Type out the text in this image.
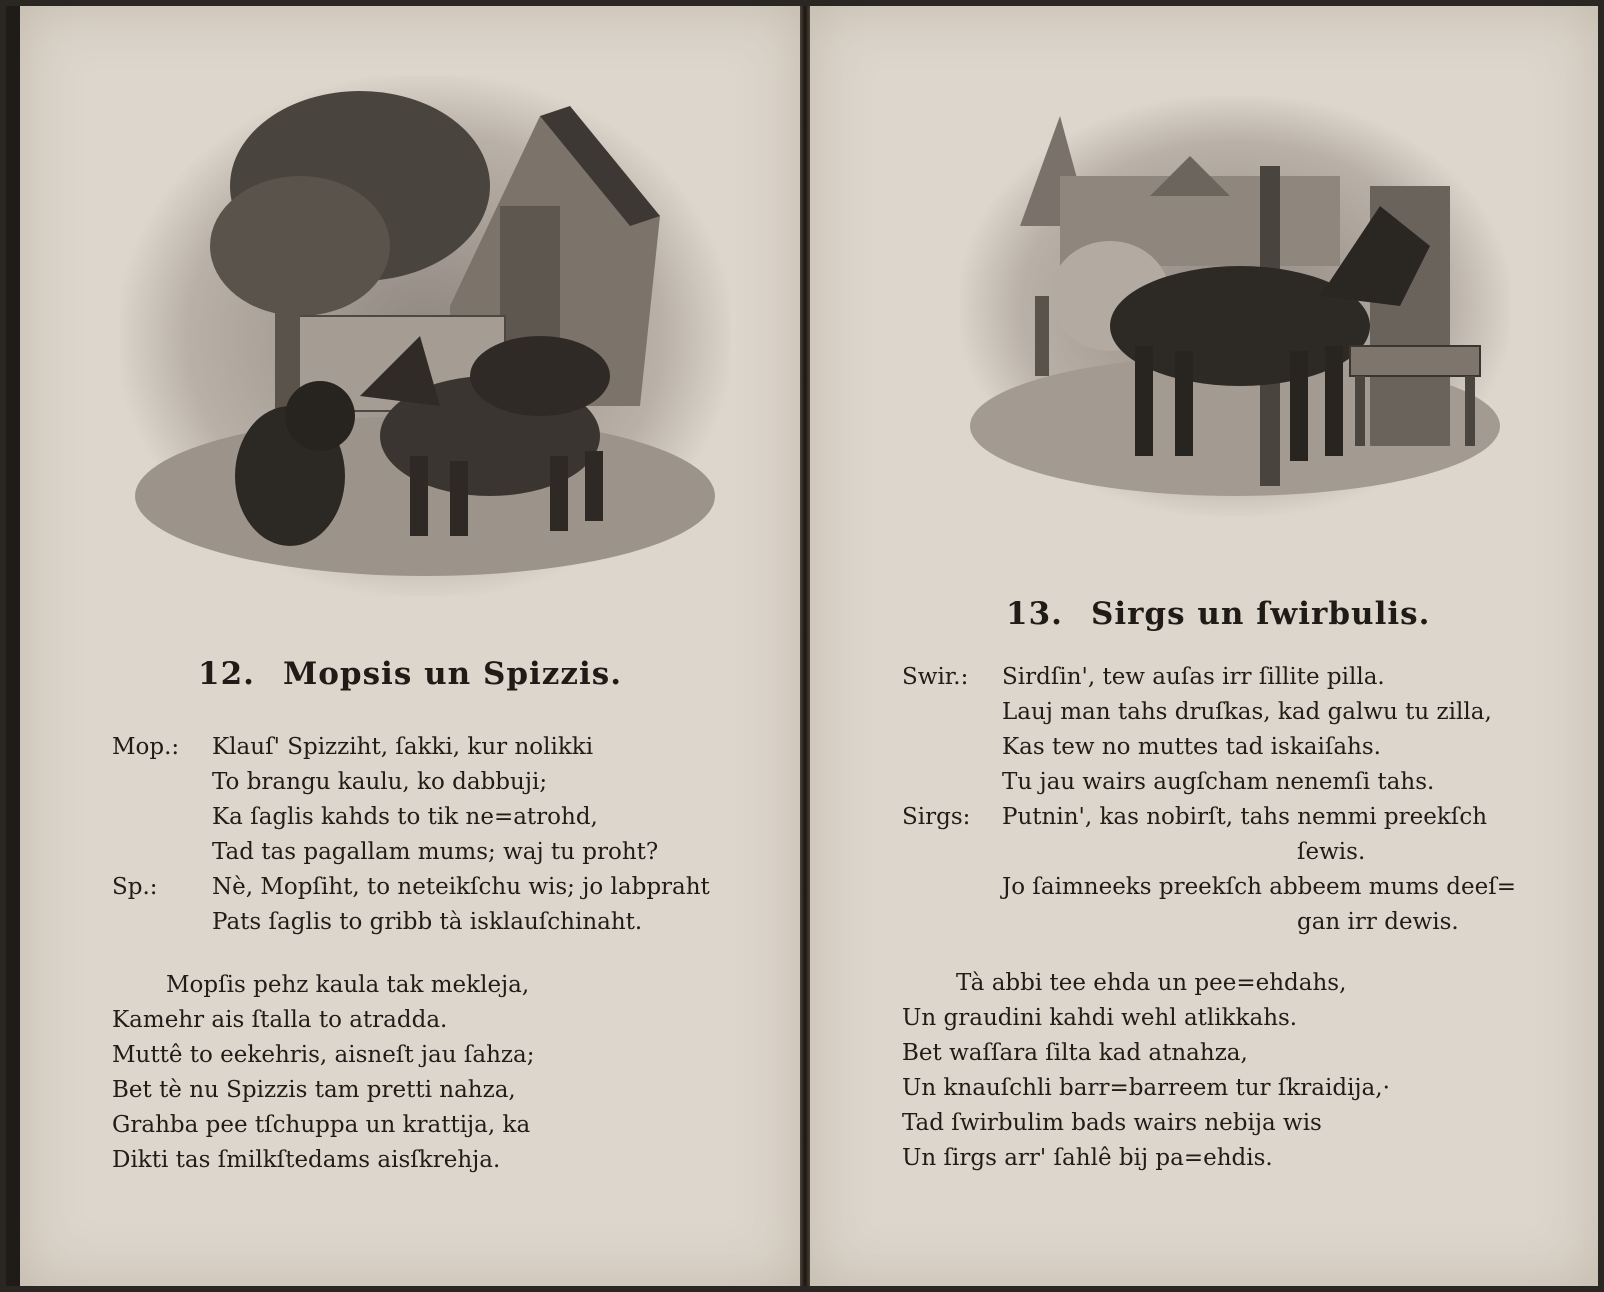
12. Mopsis un Spizzis.
Mop.: Klauſ' Spizziht, ſakki, kur nolikki
To brangu kaulu, ko dabbuji;
Ka ſaglis kahds to tik ne=atrohd,
Tad tas pagallam mums; waj tu proht?
Sp.: Nè, Mopſiht, to neteikſchu wis; jo labpraht
Pats ſaglis to gribb tà isklauſchinaht.
Mopſis pehz kaula tak mekleja,
Kamehr ais ſtalla to atradda.
Muttê to eekehris, aisneſt jau ſahza;
Bet tè nu Spizzis tam pretti nahza,
Grahba pee tſchuppa un krattija, ka
Dikti tas ſmilkſtedams aisſkrehja.
13. Sirgs un ſwirbulis.
Swir.: Sirdſin', tew auſas irr ſillite pilla.
Lauj man tahs druſkas, kad galwu tu zilla,
Kas tew no muttes tad iskaiſahs.
Tu jau wairs augſcham nenemſi tahs.
Sirgs: Putnin', kas nobirſt, tahs nemmi preekſch
ſewis.
Jo ſaimneeks preekſch abbeem mums deeſ=
gan irr dewis.
Tà abbi tee ehda un pee=ehdahs,
Un graudini kahdi wehl atlikkahs.
Bet waſſara ſilta kad atnahza,
Un knauſchli barr=barreem tur ſkraidija,·
Tad ſwirbulim bads wairs nebija wis
Un ſirgs arr' ſahlê bij pa=ehdis.
